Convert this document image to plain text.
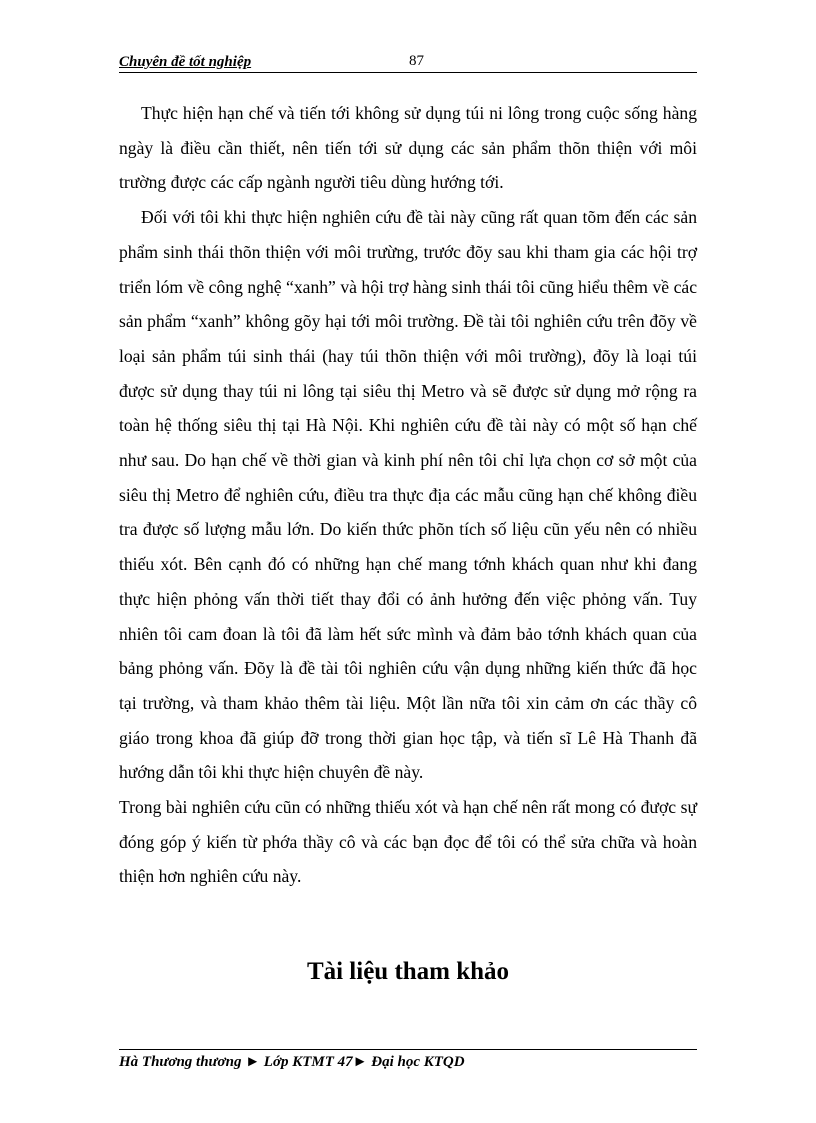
Chuyên đề tốt nghiệp	87

Thực hiện hạn chế và tiến tới không sử dụng túi ni lông trong cuộc sống hàng ngày là điều cần thiết, nên tiến tới sử dụng các sản phẩm thõn thiện với môi trường được các cấp ngành người tiêu dùng hướng tới.

Đối với tôi khi thực hiện nghiên cứu đề tài này cũng rất quan tõm đến các sản phẩm sinh thái thõn thiện với môi trưừng, trước đõy sau khi tham gia các hội trợ triển lóm về công nghệ “xanh” và hội trợ hàng sinh thái tôi cũng hiểu thêm về các sản phẩm “xanh” không gõy hại tới môi trường. Đề tài tôi nghiên cứu trên đõy về loại sản phẩm túi sinh thái (hay túi thõn thiện với môi trường), đõy là loại túi được sử dụng thay túi ni lông tại siêu thị Metro và sẽ được sử dụng mở rộng ra toàn hệ thống siêu thị tại Hà Nội. Khi nghiên cứu đề tài này có một số hạn chế như sau. Do hạn chế về thời gian và kinh phí nên tôi chỉ lựa chọn cơ sở một của siêu thị Metro để nghiên cứu, điều tra thực địa các mẫu cũng hạn chế không điều tra được số lượng mẫu lớn. Do kiến thức phõn tích số liệu cũn yếu nên có nhiều thiếu xót. Bên cạnh đó có những hạn chế mang tớnh khách quan như khi đang thực hiện phỏng vấn thời tiết thay đổi có ảnh hưởng đến việc phỏng vấn. Tuy nhiên tôi cam đoan là tôi đã làm hết sức mình và đảm bảo tớnh khách quan của bảng phỏng vấn. Đõy là đề tài tôi nghiên cứu vận dụng những kiến thức đã học tại trường, và tham khảo thêm tài liệu. Một lần nữa tôi xin cảm ơn các thầy cô giáo trong khoa đã giúp đỡ trong thời gian học tập, và tiến sĩ Lê Hà Thanh đã hướng dẫn tôi khi thực hiện chuyên đề này.

Trong bài nghiên cứu cũn có những thiếu xót và hạn chế nên rất mong có được sự đóng góp ý kiến từ phớa thầy cô và các bạn đọc để tôi có thể sửa chữa và hoàn thiện hơn nghiên cứu này.

Tài liệu tham khảo
Hà Thương thương ► Lớp KTMT 47► Đại học KTQD
